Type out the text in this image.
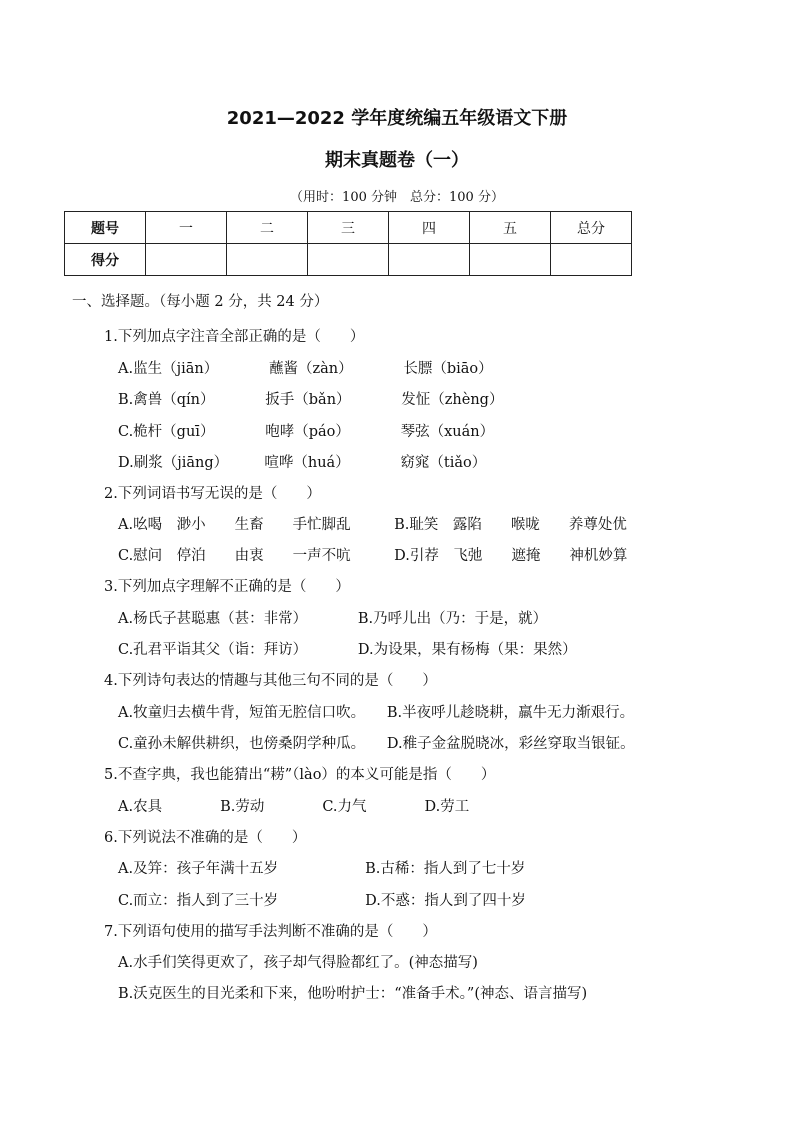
2021—2022 学年度统编五年级语文下册
期末真题卷（一）
（用时：100 分钟　总分：100 分）
题号	一	二	三	四	五	总分
得分						
一、选择题。（每小题 2 分，共 24 分）
1.下列加点字注音全部正确的是（　　）
A.监生（jiān）　　　　蘸酱（zàn）　　　　长膘（biāo）
B.禽兽（qín）　　　　扳手（bǎn）　　　　发怔（zhèng）
C.桅杆（guī）　　　　咆哮（páo）　　　　琴弦（xuán）
D.刷浆（jiāng）　　　喧哗（huá）　　　　窈窕（tiǎo）
2.下列词语书写无误的是（　　）
A.吆喝　渺小　　生畜　　手忙脚乱　　　B.耻笑　露陷　　喉咙　　养尊处优
C.慰问　停泊　　由衷　　一声不吭　　　D.引荐　飞弛　　遮掩　　神机妙算
3.下列加点字理解不正确的是（　　）
A.杨氏子甚聪惠（甚：非常）　　　　B.乃呼儿出（乃：于是，就）
C.孔君平诣其父（诣：拜访）　　　　D.为设果，果有杨梅（果：果然）
4.下列诗句表达的情趣与其他三句不同的是（　　）
A.牧童归去横牛背，短笛无腔信口吹。　　B.半夜呼儿趁晓耕，羸牛无力渐艰行。
C.童孙未解供耕织，也傍桑阴学种瓜。　　D.稚子金盆脱晓冰，彩丝穿取当银钲。
5.不查字典，我也能猜出“耢”（lào）的本义可能是指（　　）
A.农具　　　　B.劳动　　　　C.力气　　　　D.劳工
6.下列说法不准确的是（　　）
A.及笄：孩子年满十五岁　　　　　　B.古稀：指人到了七十岁
C.而立：指人到了三十岁　　　　　　D.不惑：指人到了四十岁
7.下列语句使用的描写手法判断不准确的是（　　）
A.水手们笑得更欢了，孩子却气得脸都红了。(神态描写)
B.沃克医生的目光柔和下来，他吩咐护士：“准备手术。”(神态、语言描写)
